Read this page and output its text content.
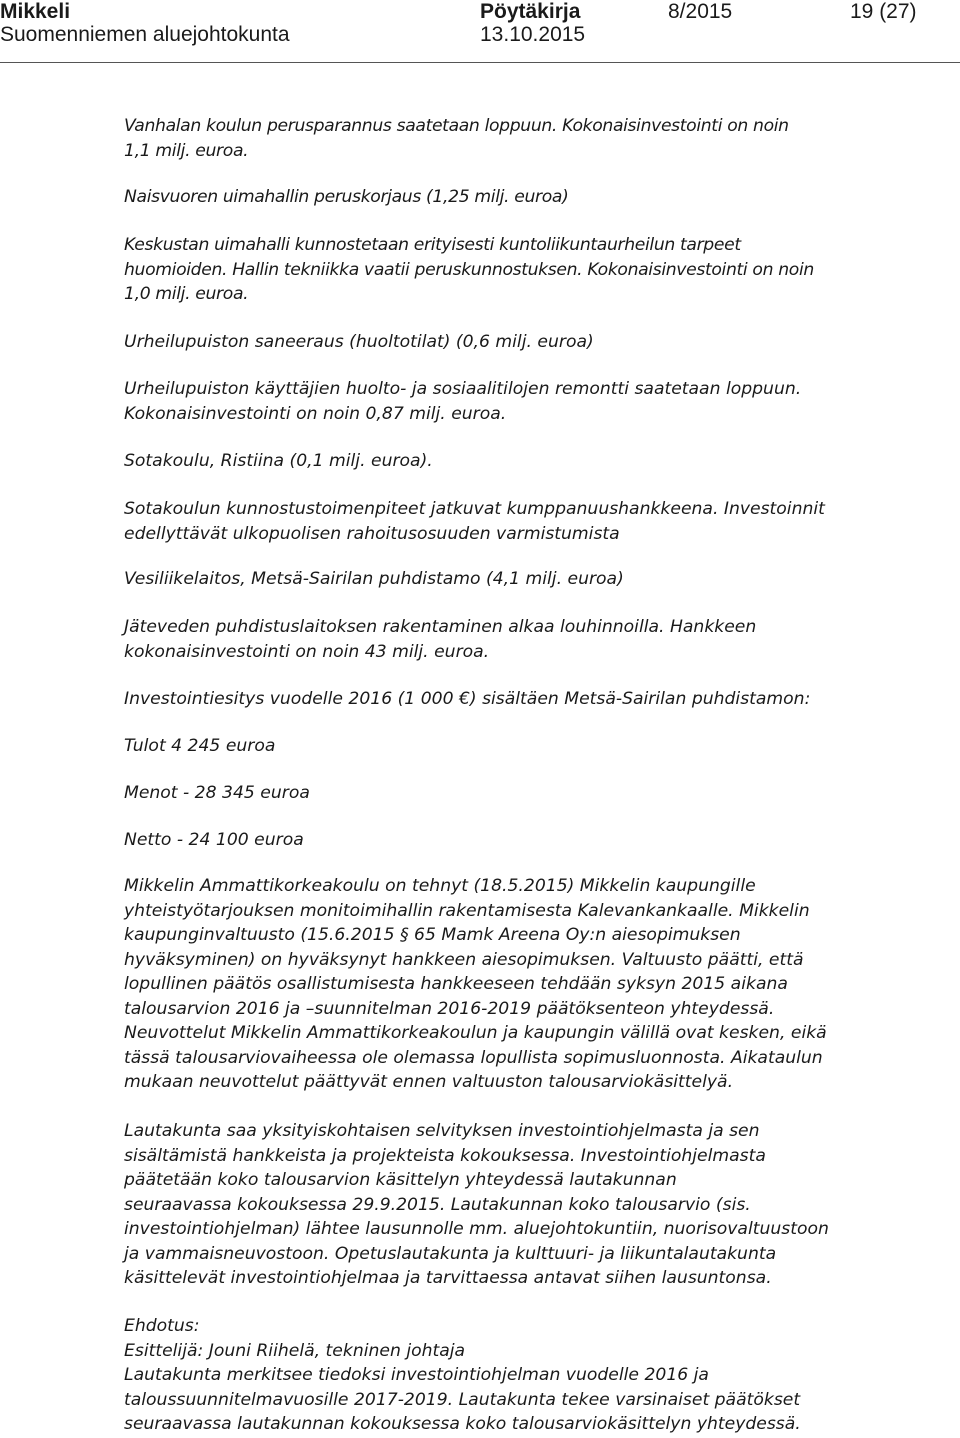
Mikkeli
Suomenniemen aluejohtokunta
Pöytäkirja
13.10.2015
8/2015	19 (27)
Vanhalan koulun perusparannus saatetaan loppuun. Kokonaisinvestointi on noin
1,1 milj. euroa.
Naisvuoren uimahallin peruskorjaus (1,25 milj. euroa)
Keskustan uimahalli kunnostetaan erityisesti kuntoliikuntaurheilun tarpeet
huomioiden. Hallin tekniikka vaatii peruskunnostuksen. Kokonaisinvestointi on noin
1,0 milj. euroa.
Urheilupuiston saneeraus (huoltotilat) (0,6 milj. euroa)
Urheilupuiston käyttäjien huolto- ja sosiaalitilojen remontti saatetaan loppuun.
Kokonaisinvestointi on noin 0,87 milj. euroa.
Sotakoulu, Ristiina (0,1 milj. euroa).
Sotakoulun kunnostustoimenpiteet jatkuvat kumppanuushankkeena. Investoinnit
edellyttävät ulkopuolisen rahoitusosuuden varmistumista
Vesiliikelaitos, Metsä-Sairilan puhdistamo (4,1 milj. euroa)
Jäteveden puhdistuslaitoksen rakentaminen alkaa louhinnoilla. Hankkeen
kokonaisinvestointi on noin 43 milj. euroa.
Investointiesitys vuodelle 2016 (1 000 €) sisältäen Metsä-Sairilan puhdistamon:
Tulot 4 245 euroa
Menot - 28 345 euroa
Netto - 24 100 euroa
Mikkelin Ammattikorkeakoulu on tehnyt (18.5.2015) Mikkelin kaupungille
yhteistyötarjouksen monitoimihallin rakentamisesta Kalevankankaalle. Mikkelin
kaupunginvaltuusto (15.6.2015 § 65 Mamk Areena Oy:n aiesopimuksen
hyväksyminen) on hyväksynyt hankkeen aiesopimuksen. Valtuusto päätti, että
lopullinen päätös osallistumisesta hankkeeseen tehdään syksyn 2015 aikana
talousarvion 2016 ja –suunnitelman 2016-2019 päätöksenteon yhteydessä.
Neuvottelut Mikkelin Ammattikorkeakoulun ja kaupungin välillä ovat kesken, eikä
tässä talousarviovaiheessa ole olemassa lopullista sopimusluonnosta. Aikataulun
mukaan neuvottelut päättyvät ennen valtuuston talousarviokäsittelyä.
Lautakunta saa yksityiskohtaisen selvityksen investointiohjelmasta ja sen
sisältämistä hankkeista ja projekteista kokouksessa. Investointiohjelmasta
päätetään koko talousarvion käsittelyn yhteydessä lautakunnan
seuraavassa kokouksessa 29.9.2015. Lautakunnan koko talousarvio (sis.
investointiohjelman) lähtee lausunnolle mm. aluejohtokuntiin, nuorisovaltuustoon
ja vammaisneuvostoon. Opetuslautakunta ja kulttuuri- ja liikuntalautakunta
käsittelevät investointiohjelmaa ja tarvittaessa antavat siihen lausuntonsa.
Ehdotus:
Esittelijä: Jouni Riihelä, tekninen johtaja
Lautakunta merkitsee tiedoksi investointiohjelman vuodelle 2016 ja
taloussuunnitelmavuosille 2017-2019. Lautakunta tekee varsinaiset päätökset
seuraavassa lautakunnan kokouksessa koko talousarviokäsittelyn yhteydessä.
